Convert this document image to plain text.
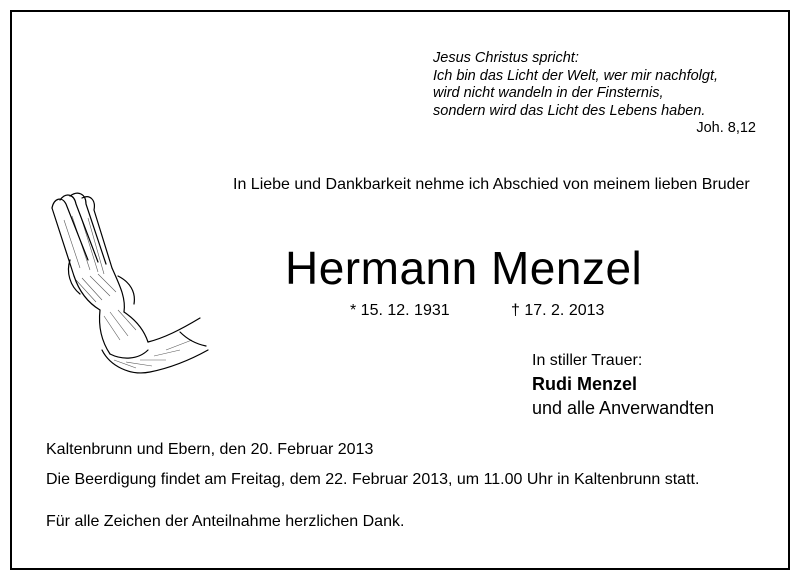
Jesus Christus spricht:
Ich bin das Licht der Welt, wer mir nachfolgt,
wird nicht wandeln in der Finsternis,
sondern wird das Licht des Lebens haben.
Joh. 8,12
In Liebe und Dankbarkeit nehme ich Abschied von meinem lieben Bruder
Hermann Menzel
* 15. 12. 1931	† 17. 2. 2013
In stiller Trauer:
Rudi Menzel
und alle Anverwandten
Kaltenbrunn und Ebern, den 20. Februar 2013
Die Beerdigung findet am Freitag, dem 22. Februar 2013, um 11.00 Uhr in Kaltenbrunn statt.
Für alle Zeichen der Anteilnahme herzlichen Dank.
